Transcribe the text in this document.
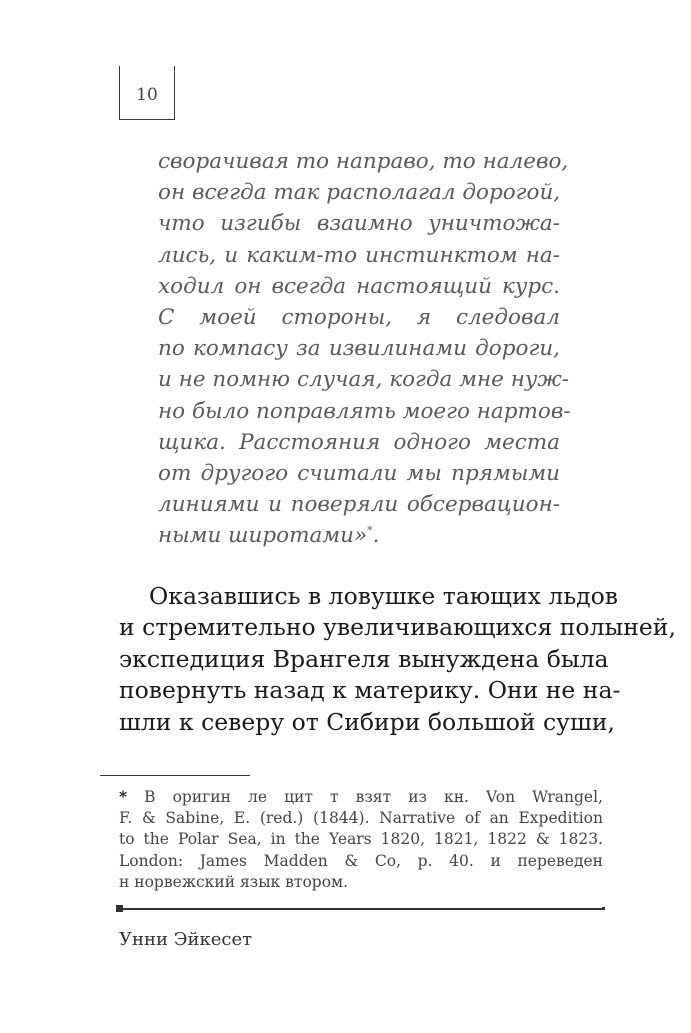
10
сворачивая то направо, то налево,
он всегда так располагал дорогой,
что изгибы взаимно уничтожа-
лись, и каким-то инстинктом на-
ходил он всегда настоящий курс.
С моей стороны, я следовал
по компасу за извилинами дороги,
и не помню случая, когда мне нуж-
но было поправлять моего нартов-
щика. Расстояния одного места
от другого считали мы прямыми
линиями и поверяли обсервацион-
ными широтами»*.
Оказавшись в ловушке тающих льдов
и стремительно увеличивающихся полыней,
экспедиция Врангеля вынуждена была
повернуть назад к материку. Они не на-
шли к северу от Сибири большой суши,
* В оригин ле цит т взят из кн. Von Wrangel,
F. & Sabine, E. (red.) (1844). Narrative of an Expedition
to the Polar Sea, in the Years 1820, 1821, 1822 & 1823.
London: James Madden & Co, p. 40. и переведен
н норвежский язык втором.
Унни Эйкесет
